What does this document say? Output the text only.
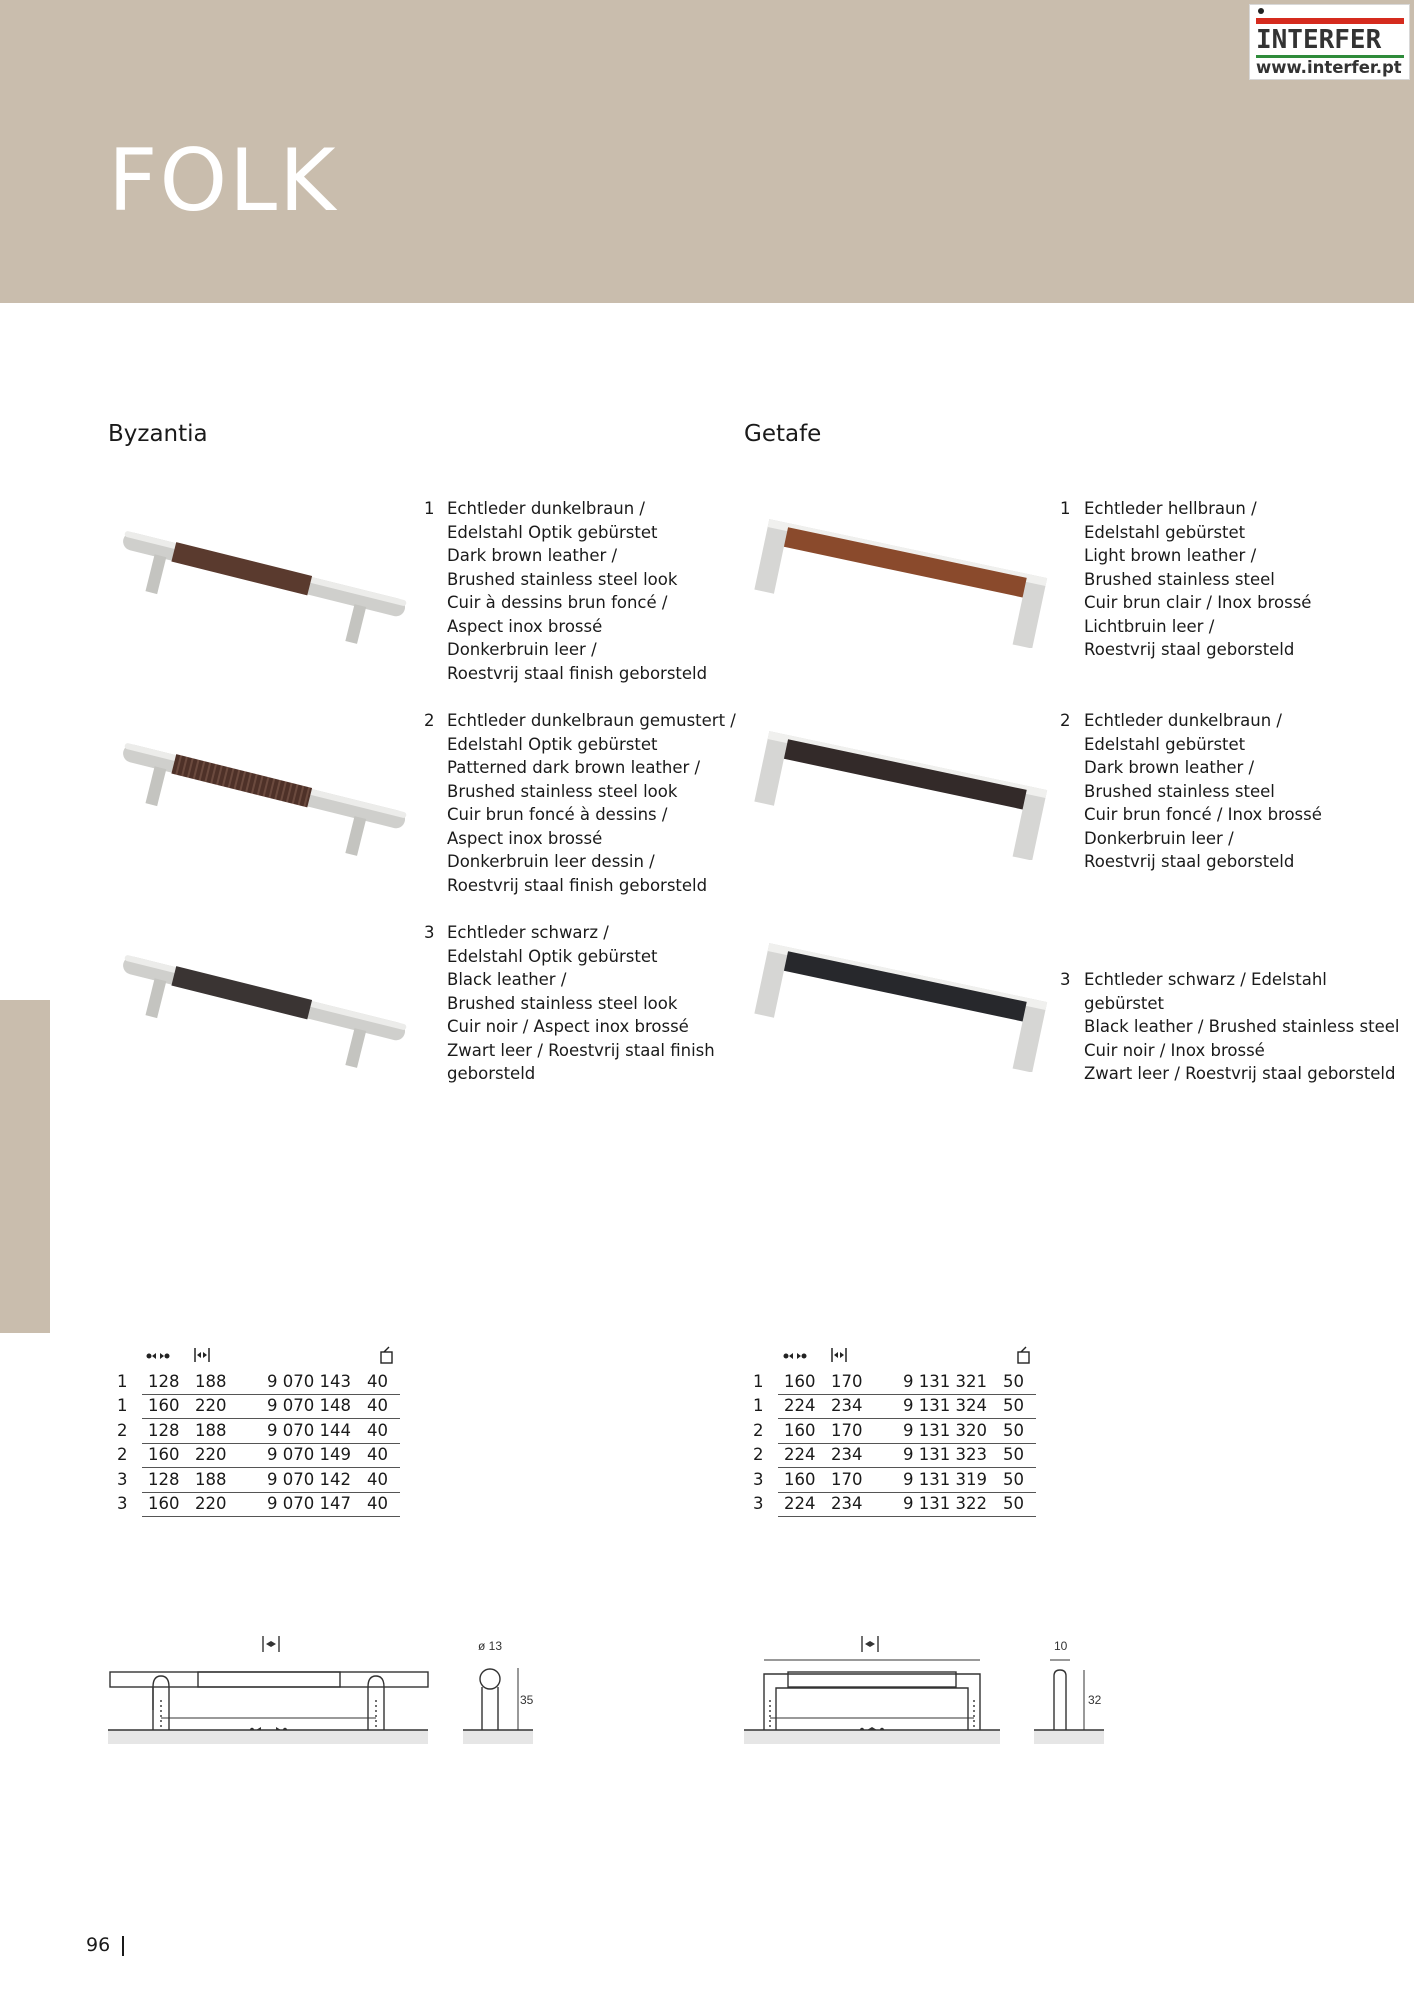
FOLK
INTERFER
www.interfer.pt
Byzantia	Getafe
1 Echtleder dunkelbraun /
Edelstahl Optik gebürstet
Dark brown leather /
Brushed stainless steel look
Cuir à dessins brun foncé /
Aspect inox brossé
Donkerbruin leer /
Roestvrij staal finish geborsteld
2 Echtleder dunkelbraun gemustert /
Edelstahl Optik gebürstet
Patterned dark brown leather /
Brushed stainless steel look
Cuir brun foncé à dessins /
Aspect inox brossé
Donkerbruin leer dessin /
Roestvrij staal finish geborsteld
3 Echtleder schwarz /
Edelstahl Optik gebürstet
Black leather /
Brushed stainless steel look
Cuir noir / Aspect inox brossé
Zwart leer / Roestvrij staal finish
geborsteld
1 Echtleder hellbraun /
Edelstahl gebürstet
Light brown leather /
Brushed stainless steel
Cuir brun clair / Inox brossé
Lichtbruin leer /
Roestvrij staal geborsteld
2 Echtleder dunkelbraun /
Edelstahl gebürstet
Dark brown leather /
Brushed stainless steel
Cuir brun foncé / Inox brossé
Donkerbruin leer /
Roestvrij staal geborsteld
3 Echtleder schwarz / Edelstahl gebürstet
Black leather / Brushed stainless steel
Cuir noir / Inox brossé
Zwart leer / Roestvrij staal geborsteld
1	128	188	9 070 143	40
1	160	220	9 070 148	40
2	128	188	9 070 144	40
2	160	220	9 070 149	40
3	128	188	9 070 142	40
3	160	220	9 070 147	40
1	160	170	9 131 321	50
1	224	234	9 131 324	50
2	160	170	9 131 320	50
2	224	234	9 131 323	50
3	160	170	9 131 319	50
3	224	234	9 131 322	50
ø 13
35
10
32
96
